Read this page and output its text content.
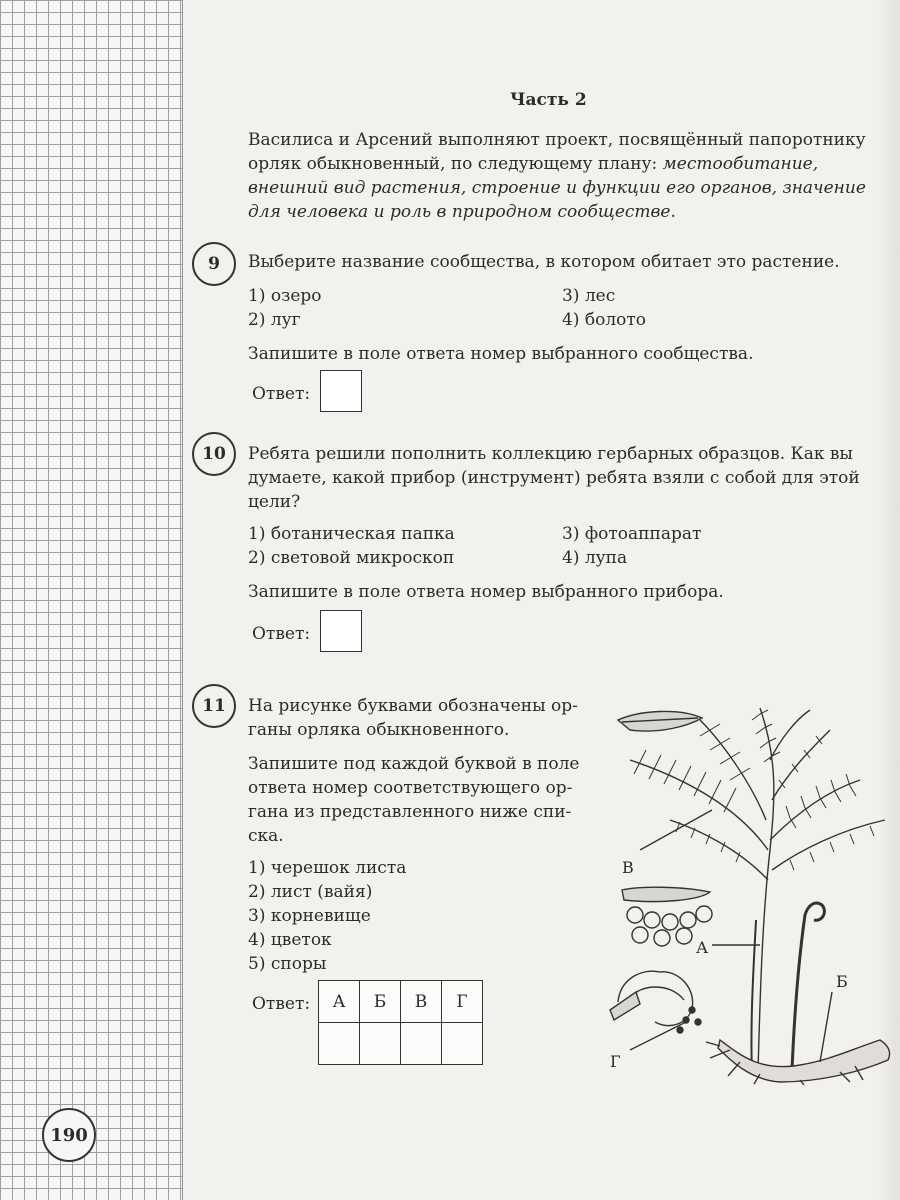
190
Часть 2

Василиса и Арсений выполняют проект, посвящённый папоротнику

орляк обыкновенный, по следующему плану: местообитание,

внешний вид растения, строение и функции его органов, значение

для человека и роль в природном сообществе.

9	Выберите название сообщества, в котором обитает это растение.
1) озеро
2) луг
3) лес
4) болото
Запишите в поле ответа номер выбранного сообщества.
Ответ:
10	Ребята решили пополнить коллекцию гербарных образцов. Как вы
думаете, какой прибор (инструмент) ребята взяли с собой для этой
цели?
1) ботаническая папка
2) световой микроскоп
3) фотоаппарат
4) лупа
Запишите в поле ответа номер выбранного прибора.
Ответ:
11	На рисунке буквами обозначены ор-
ганы орляка обыкновенного.
Запишите под каждой буквой в поле
ответа номер соответствующего ор-
гана из представленного ниже спи-
ска.
1) черешок листа
2) лист (вайя)
3) корневище
4) цветок
5) споры
Ответ: А	Б	В	Г

В
А
Б
Г
